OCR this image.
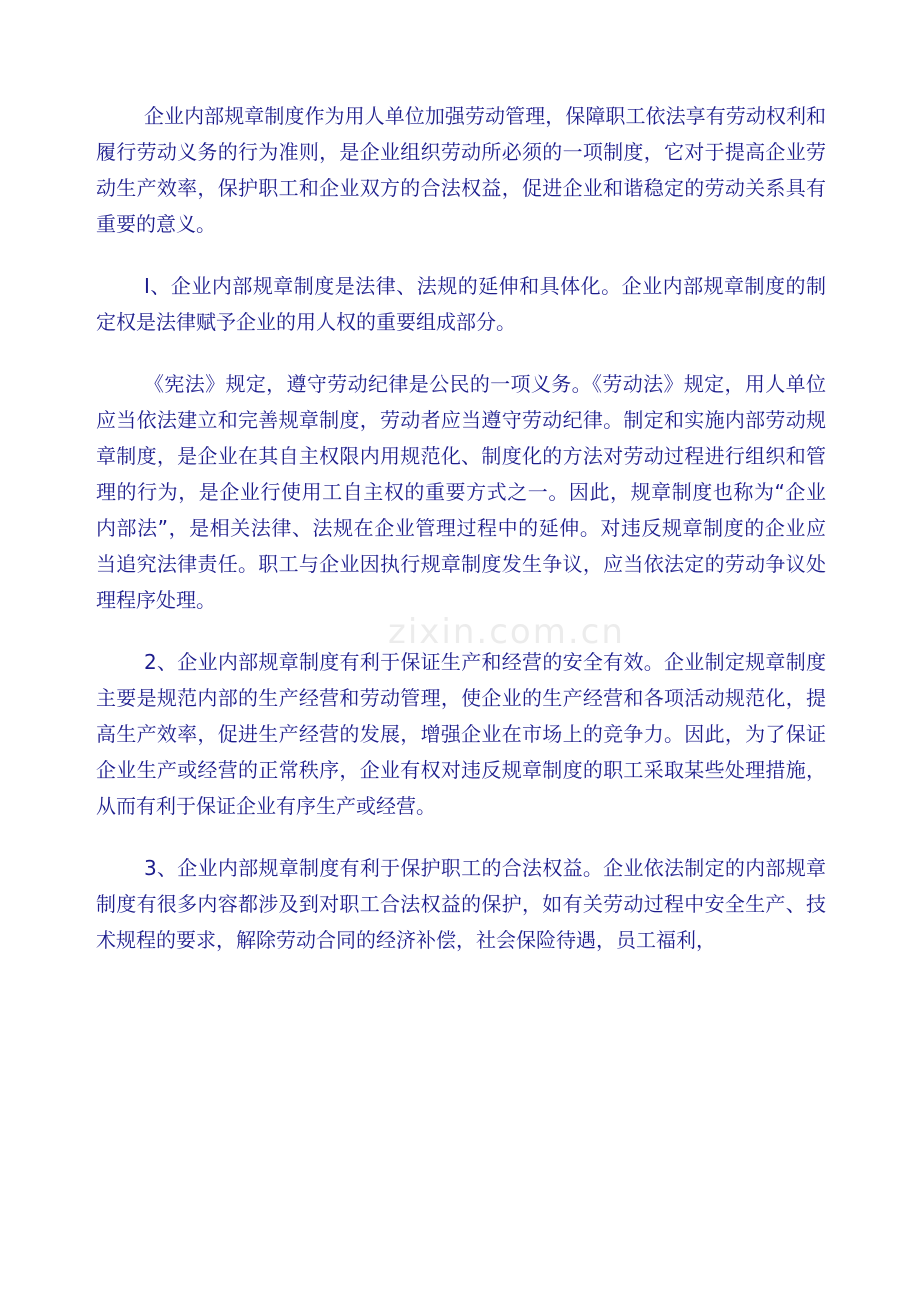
zixin.com.cn

企业内部规章制度作为用人单位加强劳动管理，保障职工依法享有劳动权利和履行劳动义务的行为准则，是企业组织劳动所必须的一项制度，它对于提高企业劳动生产效率，保护职工和企业双方的合法权益，促进企业和谐稳定的劳动关系具有重要的意义。

I、企业内部规章制度是法律、法规的延伸和具体化。企业内部规章制度的制定权是法律赋予企业的用人权的重要组成部分。

《宪法》规定，遵守劳动纪律是公民的一项义务。《劳动法》规定，用人单位应当依法建立和完善规章制度，劳动者应当遵守劳动纪律。制定和实施内部劳动规章制度，是企业在其自主权限内用规范化、制度化的方法对劳动过程进行组织和管理的行为，是企业行使用工自主权的重要方式之一。因此，规章制度也称为“企业内部法”，是相关法律、法规在企业管理过程中的延伸。对违反规章制度的企业应当追究法律责任。职工与企业因执行规章制度发生争议，应当依法定的劳动争议处理程序处理。

2、企业内部规章制度有利于保证生产和经营的安全有效。企业制定规章制度主要是规范内部的生产经营和劳动管理，使企业的生产经营和各项活动规范化，提高生产效率，促进生产经营的发展，增强企业在市场上的竞争力。因此，为了保证企业生产或经营的正常秩序，企业有权对违反规章制度的职工采取某些处理措施，从而有利于保证企业有序生产或经营。

3、企业内部规章制度有利于保护职工的合法权益。企业依法制定的内部规章制度有很多内容都涉及到对职工合法权益的保护，如有关劳动过程中安全生产、技术规程的要求，解除劳动合同的经济补偿，社会保险待遇，员工福利，
